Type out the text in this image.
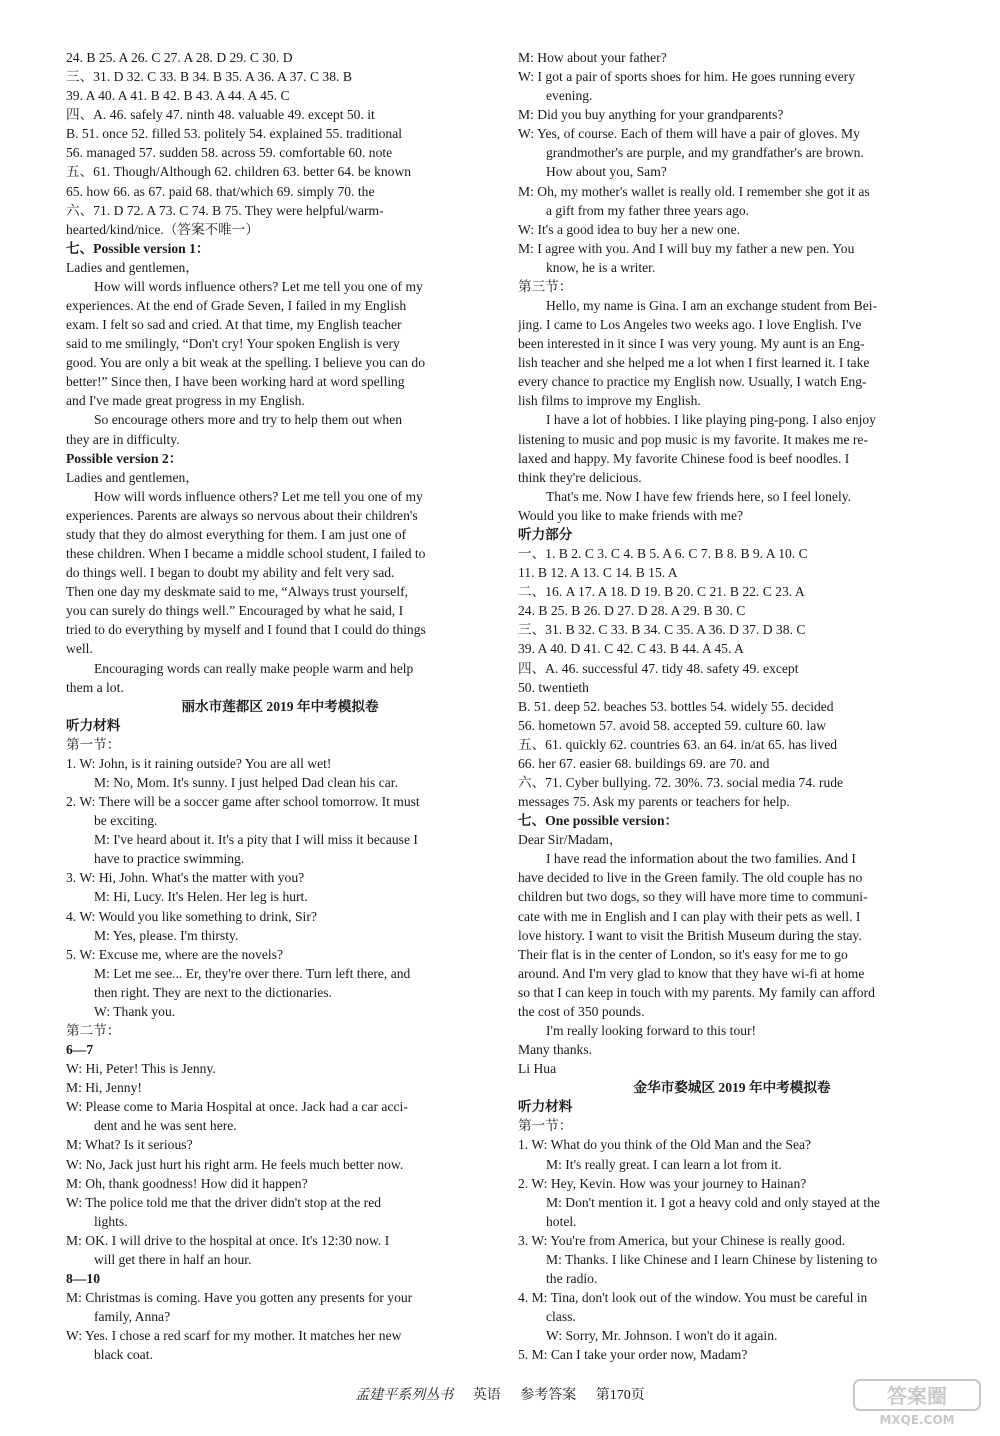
24. B 25. A 26. C 27. A 28. D 29. C 30. D
三、31. D 32. C 33. B 34. B 35. A 36. A 37. C 38. B
39. A 40. A 41. B 42. B 43. A 44. A 45. C
四、A. 46. safely 47. ninth 48. valuable 49. except 50. it
B. 51. once 52. filled 53. politely 54. explained 55. traditional
56. managed 57. sudden 58. across 59. comfortable 60. note
五、61. Though/Although 62. children 63. better 64. be known
65. how 66. as 67. paid 68. that/which 69. simply 70. the
六、71. D 72. A 73. C 74. B 75. They were helpful/warm-
hearted/kind/nice.（答案不唯一）
七、Possible version 1：
Ladies and gentlemen，
How will words influence others? Let me tell you one of my
experiences. At the end of Grade Seven, I failed in my English
exam. I felt so sad and cried. At that time, my English teacher
said to me smilingly, “Don't cry! Your spoken English is very
good. You are only a bit weak at the spelling. I believe you can do
better!” Since then, I have been working hard at word spelling
and I've made great progress in my English.
So encourage others more and try to help them out when
they are in difficulty.
Possible version 2：
Ladies and gentlemen，
How will words influence others? Let me tell you one of my
experiences. Parents are always so nervous about their children's
study that they do almost everything for them. I am just one of
these children. When I became a middle school student, I failed to
do things well. I began to doubt my ability and felt very sad.
Then one day my deskmate said to me, “Always trust yourself,
you can surely do things well.” Encouraged by what he said, I
tried to do everything by myself and I found that I could do things
well.
Encouraging words can really make people warm and help
them a lot.
丽水市莲都区 2019 年中考模拟卷
听力材料
第一节：
1. W: John, is it raining outside? You are all wet!
M: No, Mom. It's sunny. I just helped Dad clean his car.
2. W: There will be a soccer game after school tomorrow. It must
be exciting.
M: I've heard about it. It's a pity that I will miss it because I
have to practice swimming.
3. W: Hi, John. What's the matter with you?
M: Hi, Lucy. It's Helen. Her leg is hurt.
4. W: Would you like something to drink, Sir?
M: Yes, please. I'm thirsty.
5. W: Excuse me, where are the novels?
M: Let me see... Er, they're over there. Turn left there, and
then right. They are next to the dictionaries.
W: Thank you.
第二节：
6—7
W: Hi, Peter! This is Jenny.
M: Hi, Jenny!
W: Please come to Maria Hospital at once. Jack had a car acci-
dent and he was sent here.
M: What? Is it serious?
W: No, Jack just hurt his right arm. He feels much better now.
M: Oh, thank goodness! How did it happen?
W: The police told me that the driver didn't stop at the red
lights.
M: OK. I will drive to the hospital at once. It's 12:30 now. I
will get there in half an hour.
8—10
M: Christmas is coming. Have you gotten any presents for your
family, Anna?
W: Yes. I chose a red scarf for my mother. It matches her new
black coat.
M: How about your father?
W: I got a pair of sports shoes for him. He goes running every
evening.
M: Did you buy anything for your grandparents?
W: Yes, of course. Each of them will have a pair of gloves. My
grandmother's are purple, and my grandfather's are brown.
How about you, Sam?
M: Oh, my mother's wallet is really old. I remember she got it as
a gift from my father three years ago.
W: It's a good idea to buy her a new one.
M: I agree with you. And I will buy my father a new pen. You
know, he is a writer.
第三节：
Hello, my name is Gina. I am an exchange student from Bei-
jing. I came to Los Angeles two weeks ago. I love English. I've
been interested in it since I was very young. My aunt is an Eng-
lish teacher and she helped me a lot when I first learned it. I take
every chance to practice my English now. Usually, I watch Eng-
lish films to improve my English.
I have a lot of hobbies. I like playing ping-pong. I also enjoy
listening to music and pop music is my favorite. It makes me re-
laxed and happy. My favorite Chinese food is beef noodles. I
think they're delicious.
That's me. Now I have few friends here, so I feel lonely.
Would you like to make friends with me?
听力部分
一、1. B 2. C 3. C 4. B 5. A 6. C 7. B 8. B 9. A 10. C
11. B 12. A 13. C 14. B 15. A
二、16. A 17. A 18. D 19. B 20. C 21. B 22. C 23. A
24. B 25. B 26. D 27. D 28. A 29. B 30. C
三、31. B 32. C 33. B 34. C 35. A 36. D 37. D 38. C
39. A 40. D 41. C 42. C 43. B 44. A 45. A
四、A. 46. successful 47. tidy 48. safety 49. except
50. twentieth
B. 51. deep 52. beaches 53. bottles 54. widely 55. decided
56. hometown 57. avoid 58. accepted 59. culture 60. law
五、61. quickly 62. countries 63. an 64. in/at 65. has lived
66. her 67. easier 68. buildings 69. are 70. and
六、71. Cyber bullying. 72. 30%. 73. social media 74. rude
messages 75. Ask my parents or teachers for help.
七、One possible version：
Dear Sir/Madam，
I have read the information about the two families. And I
have decided to live in the Green family. The old couple has no
children but two dogs, so they will have more time to communi-
cate with me in English and I can play with their pets as well. I
love history. I want to visit the British Museum during the stay.
Their flat is in the center of London, so it's easy for me to go
around. And I'm very glad to know that they have wi-fi at home
so that I can keep in touch with my parents. My family can afford
the cost of 350 pounds.
I'm really looking forward to this tour!
Many thanks.
Li Hua
金华市婺城区 2019 年中考模拟卷
听力材料
第一节：
1. W: What do you think of the Old Man and the Sea?
M: It's really great. I can learn a lot from it.
2. W: Hey, Kevin. How was your journey to Hainan?
M: Don't mention it. I got a heavy cold and only stayed at the
hotel.
3. W: You're from America, but your Chinese is really good.
M: Thanks. I like Chinese and I learn Chinese by listening to
the radio.
4. M: Tina, don't look out of the window. You must be careful in
class.
W: Sorry, Mr. Johnson. I won't do it again.
5. M: Can I take your order now, Madam?
孟建平系列丛书 英语 参考答案 第170页	答案圈
MXQE.COM
